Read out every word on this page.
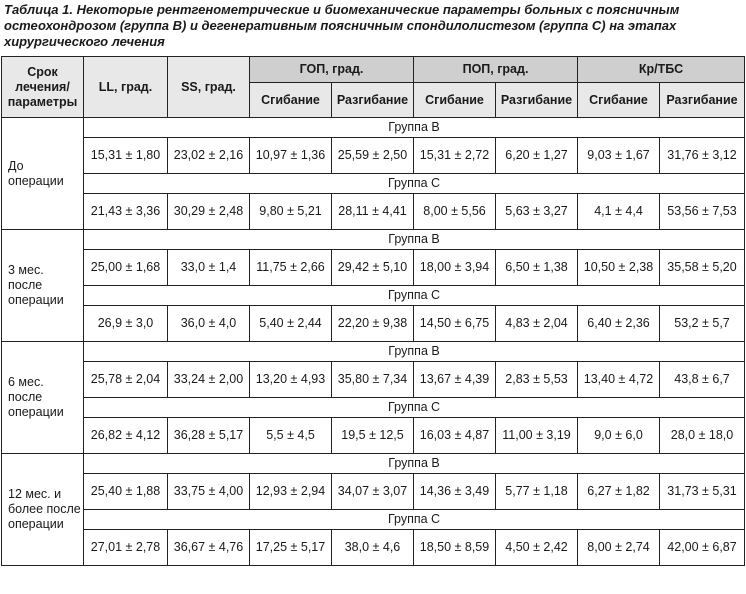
Таблица 1. Некоторые рентгенометрические и биомеханические параметры больных с поясничным
остеохондрозом (группа В) и дегенеративным поясничным спондилолистезом (группа С) на этапах
хирургического лечения
Срок лечения/параметры	LL, град.	SS, град.	ГОП, град.		ПОП, град.		Кр/ТБС	
			Сгибание	Разгибание	Сгибание	Разгибание	Сгибание	Разгибание
До операции	Группа В							
	15,31 ± 1,80	23,02 ± 2,16	10,97 ± 1,36	25,59 ± 2,50	15,31 ± 2,72	6,20 ± 1,27	9,03 ± 1,67	31,76 ± 3,12
	Группа С							
	21,43 ± 3,36	30,29 ± 2,48	9,80 ± 5,21	28,11 ± 4,41	8,00 ± 5,56	5,63 ± 3,27	4,1 ± 4,4	53,56 ± 7,53
3 мес. после операции	Группа В							
	25,00 ± 1,68	33,0 ± 1,4	11,75 ± 2,66	29,42 ± 5,10	18,00 ± 3,94	6,50 ± 1,38	10,50 ± 2,38	35,58 ± 5,20
	Группа С							
	26,9 ± 3,0	36,0 ± 4,0	5,40 ± 2,44	22,20 ± 9,38	14,50 ± 6,75	4,83 ± 2,04	6,40 ± 2,36	53,2 ± 5,7
6 мес. после операции	Группа В							
	25,78 ± 2,04	33,24 ± 2,00	13,20 ± 4,93	35,80 ± 7,34	13,67 ± 4,39	2,83 ± 5,53	13,40 ± 4,72	43,8 ± 6,7
	Группа С							
	26,82 ± 4,12	36,28 ± 5,17	5,5 ± 4,5	19,5 ± 12,5	16,03 ± 4,87	11,00 ± 3,19	9,0 ± 6,0	28,0 ± 18,0
12 мес. и более после операции	Группа В							
	25,40 ± 1,88	33,75 ± 4,00	12,93 ± 2,94	34,07 ± 3,07	14,36 ± 3,49	5,77 ± 1,18	6,27 ± 1,82	31,73 ± 5,31
	Группа С							
	27,01 ± 2,78	36,67 ± 4,76	17,25 ± 5,17	38,0 ± 4,6	18,50 ± 8,59	4,50 ± 2,42	8,00 ± 2,74	42,00 ± 6,87
